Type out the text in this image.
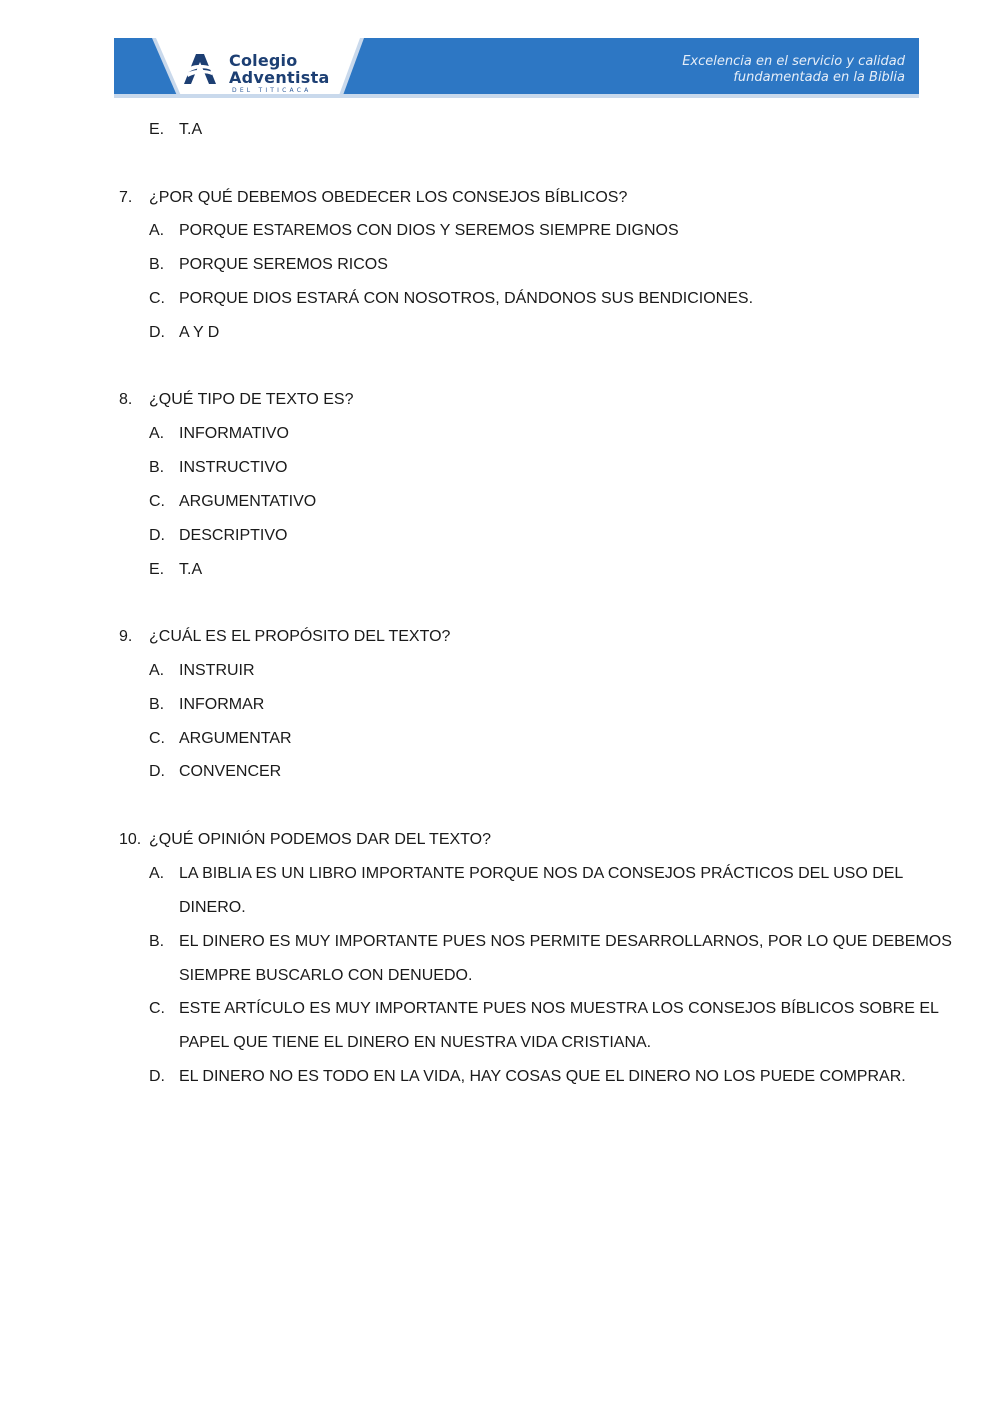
Colegio
Adventista
DEL TITICACA
Excelencia en el servicio y calidad
fundamentada en la Biblia
E. T.A
7. ¿POR QUÉ DEBEMOS OBEDECER LOS CONSEJOS BÍBLICOS?
A. PORQUE ESTAREMOS CON DIOS Y SEREMOS SIEMPRE DIGNOS
B. PORQUE SEREMOS RICOS
C. PORQUE DIOS ESTARÁ CON NOSOTROS, DÁNDONOS SUS BENDICIONES.
D. A Y D
8. ¿QUÉ TIPO DE TEXTO ES?
A. INFORMATIVO
B. INSTRUCTIVO
C. ARGUMENTATIVO
D. DESCRIPTIVO
E. T.A
9. ¿CUÁL ES EL PROPÓSITO DEL TEXTO?
A. INSTRUIR
B. INFORMAR
C. ARGUMENTAR
D. CONVENCER
10. ¿QUÉ OPINIÓN PODEMOS DAR DEL TEXTO?
A. LA BIBLIA ES UN LIBRO IMPORTANTE PORQUE NOS DA CONSEJOS PRÁCTICOS DEL USO DEL
DINERO.
B. EL DINERO ES MUY IMPORTANTE PUES NOS PERMITE DESARROLLARNOS, POR LO QUE DEBEMOS
SIEMPRE BUSCARLO CON DENUEDO.
C. ESTE ARTÍCULO ES MUY IMPORTANTE PUES NOS MUESTRA LOS CONSEJOS BÍBLICOS SOBRE EL
PAPEL QUE TIENE EL DINERO EN NUESTRA VIDA CRISTIANA.
D. EL DINERO NO ES TODO EN LA VIDA, HAY COSAS QUE EL DINERO NO LOS PUEDE COMPRAR.
